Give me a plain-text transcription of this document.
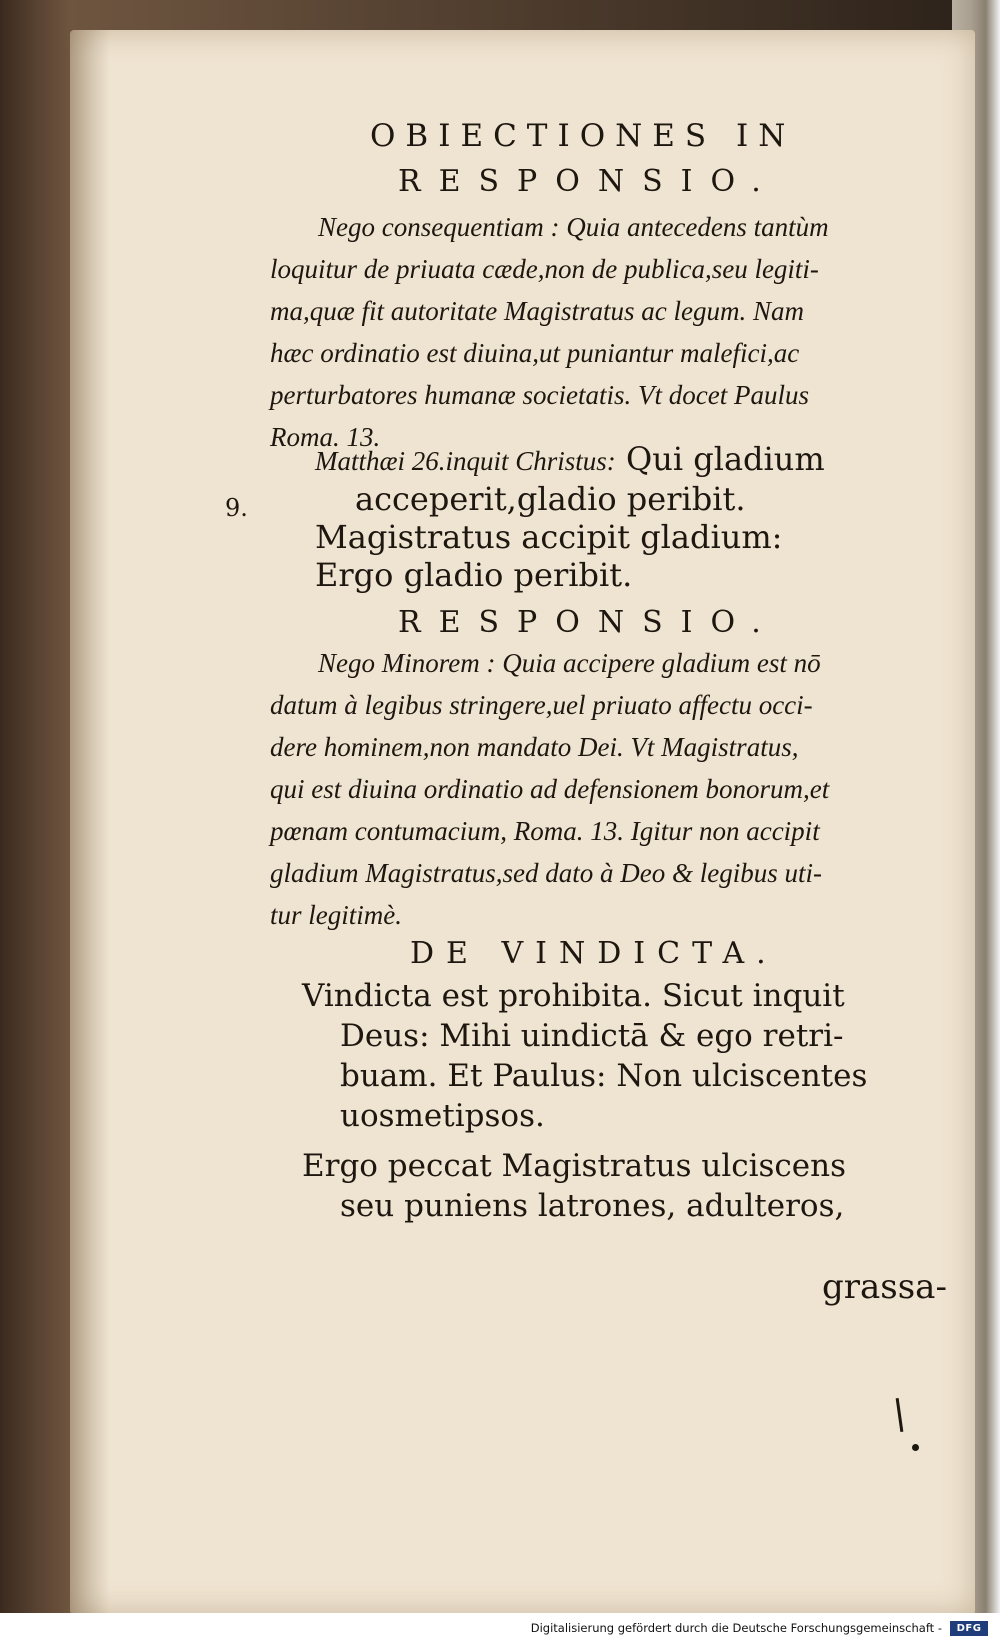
OBIECTIONES IN
RESPONSIO.
Nego consequentiam : Quia antecedens tantùm
loquitur de priuata cæde,non de publica,seu legiti-
ma,quæ fit autoritate Magistratus ac legum. Nam
hæc ordinatio est diuina,ut puniantur malefici,ac
perturbatores humanæ societatis. Vt docet Paulus
Roma. 13.
9.
Matthæi 26.inquit Christus: Qui gladium
acceperit,gladio peribit.
Magistratus accipit gladium:
Ergo gladio peribit.
RESPONSIO.
Nego Minorem : Quia accipere gladium est nō
datum à legibus stringere,uel priuato affectu occi-
dere hominem,non mandato Dei. Vt Magistratus,
qui est diuina ordinatio ad defensionem bonorum,et
pœnam contumacium, Roma. 13. Igitur non accipit
gladium Magistratus,sed dato à Deo & legibus uti-
tur legitimè.
DE VINDICTA.
Vindicta est prohibita. Sicut inquit
Deus: Mihi uindictā & ego retri-
buam. Et Paulus: Non ulciscentes
uosmetipsos.
Ergo peccat Magistratus ulciscens
seu puniens latrones, adulteros,
grassa-
Digitalisierung gefördert durch die Deutsche Forschungsgemeinschaft -	DFG
